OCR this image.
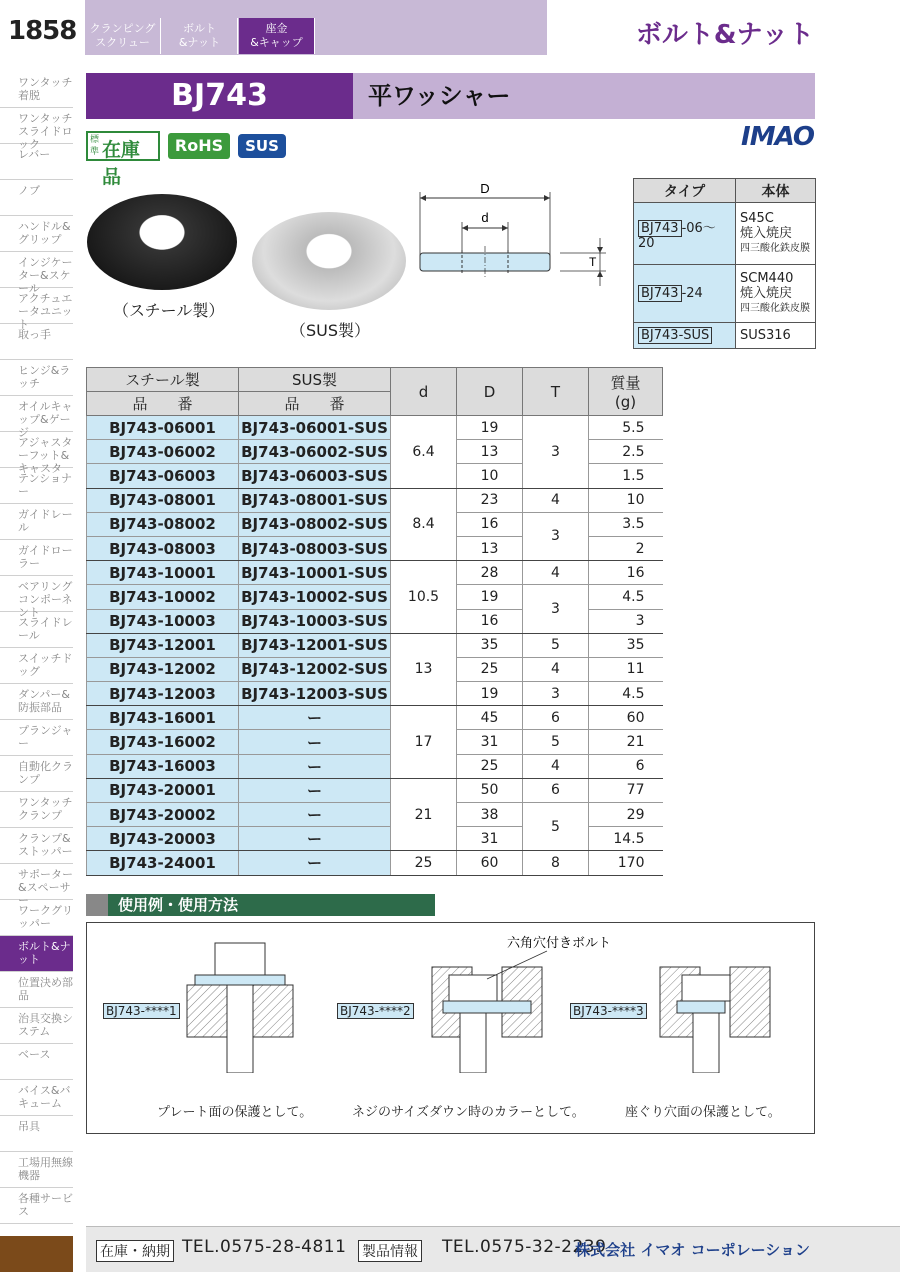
1858	クランピング
スクリュー
ボルト
&ナット
座金
&キャップ	ボルト&ナット
ワンタッチ着脱
ワンタッチスライドロック
レバー
ノブ
ハンドル&グリップ
インジケーター&スケール
アクチュエータユニット
取っ手
ヒンジ&ラッチ
オイルキャップ&ゲージ
アジャスターフット&キャスタ
テンショナー
ガイドレール
ガイドローラー
ベアリングコンポーネント
スライドレール
スイッチドッグ
ダンパー&防振部品
プランジャー
自動化クランプ
ワンタッチクランプ
クランプ&ストッパー
サポーター&スペーサー
ワークグリッパー
ボルト&ナット
位置決め部品
治具交換システム
ベース
バイス&バキューム
吊具
工場用無線機器
各種サービス
BJ743	平ワッシャー
標準 在庫品
RoHS	SUS	IMAO
（スチール製）
（SUS製）
D
d
T
タイプ	本体
BJ743 -06〜20	S45C
焼入焼戻
四三酸化鉄皮膜

BJ743 -24	SCM440
焼入焼戻
四三酸化鉄皮膜

BJ743-SUS	SUS316
スチール製	SUS製	d	D	T	質量
(g)

品　　番	品　　番				
BJ743-06001	BJ743-06001-SUS	6.4	19	3	5.5
BJ743-06002	BJ743-06002-SUS		13		2.5
BJ743-06003	BJ743-06003-SUS		10		1.5
BJ743-08001	BJ743-08001-SUS	8.4	23	4	10
BJ743-08002	BJ743-08002-SUS		16	3	3.5
BJ743-08003	BJ743-08003-SUS		13		2
BJ743-10001	BJ743-10001-SUS	10.5	28	4	16
BJ743-10002	BJ743-10002-SUS		19	3	4.5
BJ743-10003	BJ743-10003-SUS		16		3
BJ743-12001	BJ743-12001-SUS	13	35	5	35
BJ743-12002	BJ743-12002-SUS		25	4	11
BJ743-12003	BJ743-12003-SUS		19	3	4.5
BJ743-16001	ー	17	45	6	60
BJ743-16002	ー		31	5	21
BJ743-16003	ー		25	4	6
BJ743-20001	ー	21	50	6	77
BJ743-20002	ー		38	5	29
BJ743-20003	ー		31		14.5
BJ743-24001	ー	25	60	8	170
使用例・使用方法
六角穴付きボルト
BJ743-****1	BJ743-****2	BJ743-****3
プレート面の保護として。	ネジのサイズダウン時のカラーとして。	座ぐり穴面の保護として。
在庫・納期 TEL.0575-28-4811 製品情報 TEL.0575-32-2239
株式会社 イマオ コーポレーション
